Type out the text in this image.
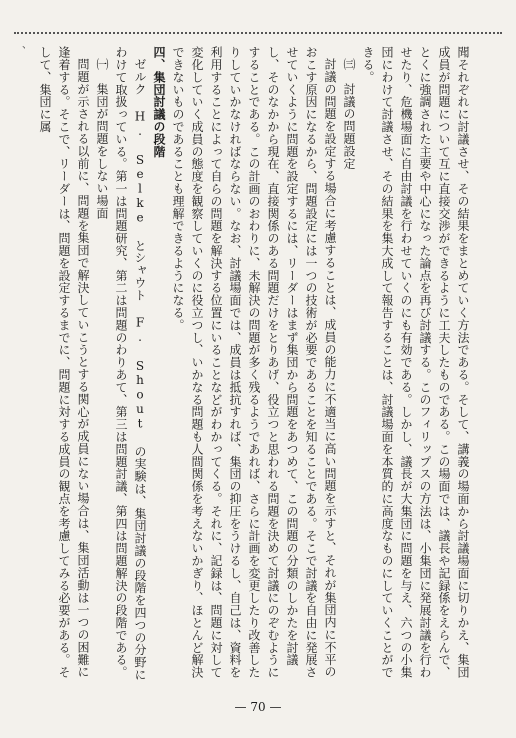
、

聞それぞれに討議させ、その結果をまとめていく方法である。そして、講義の場面から討議場面に切りかえ、集団成員が問題について互に直接交渉ができるように工夫したものである。この場面では、議長や記録係をえらんで、とくに強調された主要や中心になった論点を再び討議する。このフィリップスの方法は、小集団に発展討議を行わせたり、危機場面に自由討議を行わせていくのにも有効である。しかし、議長が大集団に問題を与え、六つの小集団にわけて討議させ、その結果を集大成して報告することは、討議場面を本質的に高度なものにしていくことができる。

㈢　討議の問題設定

討議の問題を設定する場合に考慮することは、成員の能力に不適当に高い問題を示すと、それが集団内に不平のおこす原因になるから、問題設定には一つの技術が必要であることを知ることである。そこで討議を自由に発展させていくように問題を設定するには、リーダーはまず集団から問題をあつめて、この問題の分類のしかたを討議し、そのなかから現在、直接関係のある問題だけをとりあげ、役立つと思われる問題を決めて討議にのぞむようにすることである。この計画のおわりに、未解決の問題が多く残るようであれば、さらに計画を変更したり改善したりしていかなければならない。なお、討議場面では、成員は抵抗すれば、集団の抑圧をうけるし、自己は、資料を利用することによって自らの問題を解決する位置にいることなどがわかってくる。それに、記録は、問題に対して変化していく成員の態度を観察していくのに役立つし、いかなる問題も人間関係を考えないかぎり、ほとんど解決できないものであることも理解できるようになる。

四、集団討議の段階

ゼルク H. Selke とシャウト F. Shout の実験は、集団討議の段階を四つの分野にわけて取扱っている。第一は問題研究、第二は問題のわりあて、第三は問題討議、第四は問題解決の段階である。

㈠　集団が問題をしない場面

問題が示される以前に、問題を集団で解決していこうとする関心が成員にない場合は、集団活動は一つの困難に逢着する。そこで、リーダーは、問題を設定するまでに、問題に対する成員の観点を考慮してみる必要がある。そして、集団に属

— 70 —
